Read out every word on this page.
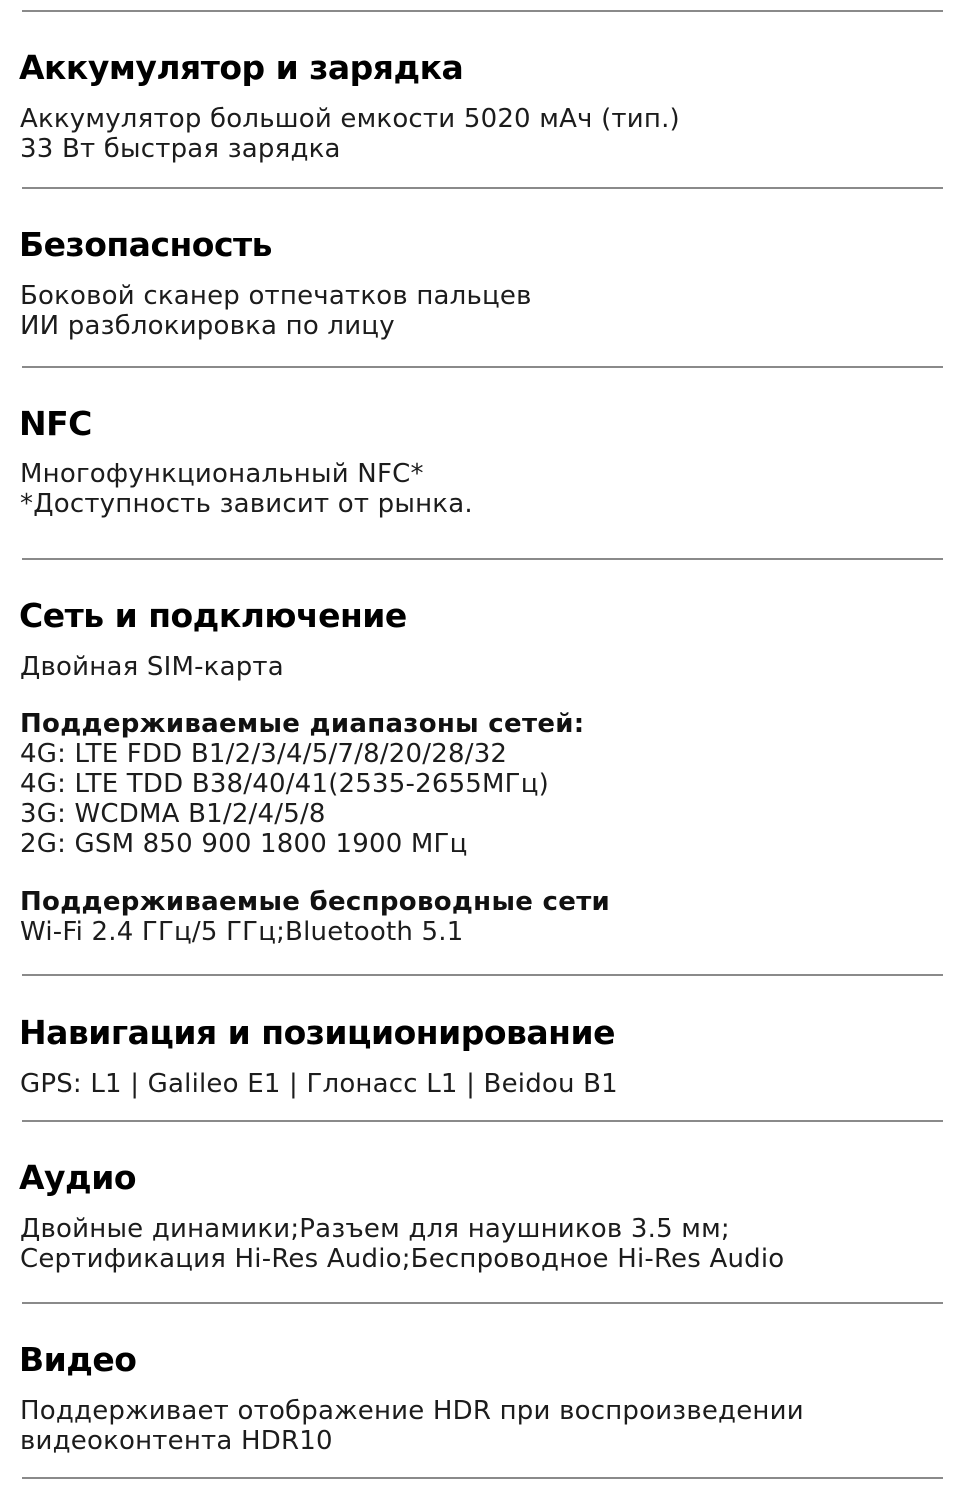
Аккумулятор и зарядка

Аккумулятор большой емкости 5020 мАч (тип.)

33 Вт быстрая зарядка

Безопасность

Боковой сканер отпечатков пальцев

ИИ разблокировка по лицу

NFC

Многофункциональный NFC*

*Доступность зависит от рынка.

Сеть и подключение

Двойная SIM-карта

Поддерживаемые диапазоны сетей:

4G: LTE FDD B1/2/3/4/5/7/8/20/28/32

4G: LTE TDD B38/40/41(2535-2655МГц)

3G: WCDMA B1/2/4/5/8

2G: GSM 850 900 1800 1900 МГц

Поддерживаемые беспроводные сети

Wi-Fi 2.4 ГГц/5 ГГц;Bluetooth 5.1

Навигация и позиционирование

GPS: L1 | Galileo E1 | Глонасс L1 | Beidou B1

Аудио

Двойные динамики;Разъем для наушников 3.5 мм;

Сертификация Hi-Res Audio;Беспроводное Hi-Res Audio

Видео

Поддерживает отображение HDR при воспроизведении

видеоконтента HDR10
